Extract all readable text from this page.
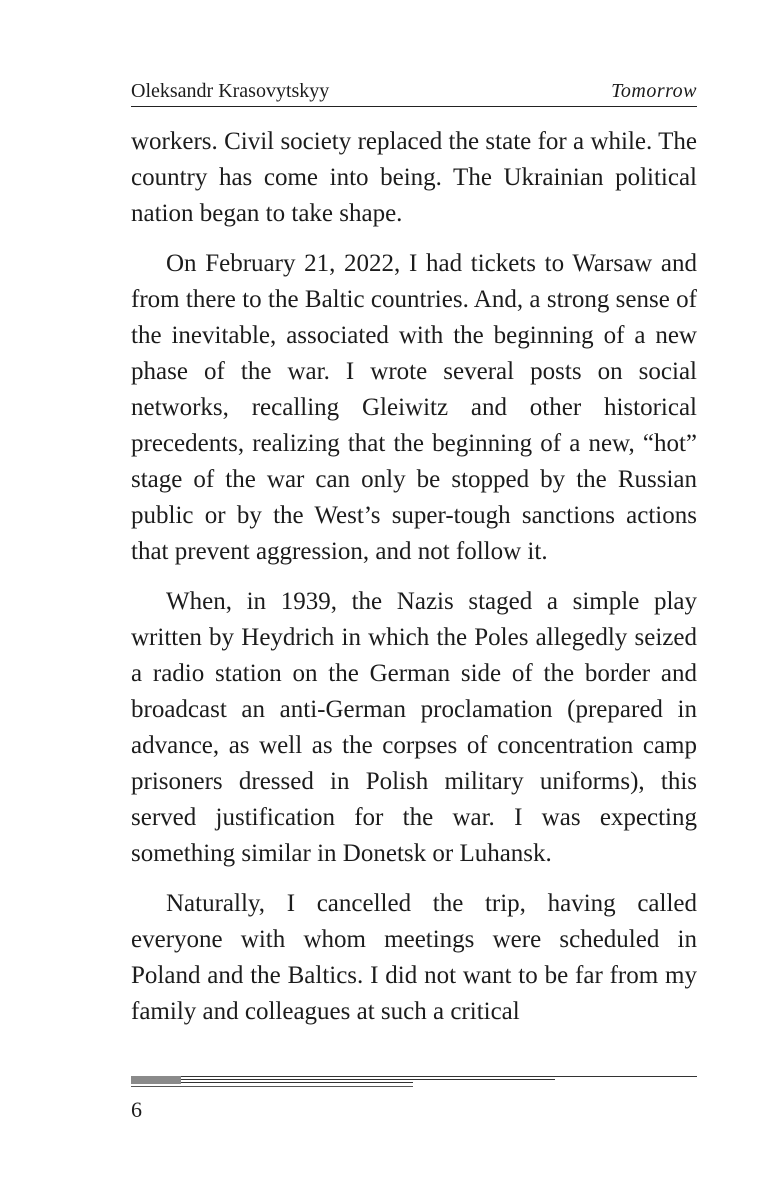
Oleksandr Krasovytskyy	Tomorrow

workers. Civil society replaced the state for a while. The country has come into being. The Ukrainian political nation began to take shape.

On February 21, 2022, I had tickets to Warsaw and from there to the Baltic countries. And, a strong sense of the inevitable, associated with the beginning of a new phase of the war. I wrote several posts on social networks, recalling Gleiwitz and other historical precedents, realizing that the beginning of a new, “hot” stage of the war can only be stopped by the Russian public or by the West’s super-tough sanctions actions that prevent aggression, and not follow it.

When, in 1939, the Nazis staged a simple play written by Heydrich in which the Poles allegedly seized a radio station on the German side of the border and broadcast an anti-German proclamation (prepared in advance, as well as the corpses of concentration camp prisoners dressed in Polish military uniforms), this served justification for the war. I was expecting something similar in Donetsk or Luhansk.

Naturally, I cancelled the trip, having called everyone with whom meetings were scheduled in Poland and the Baltics. I did not want to be far from my family and colleagues at such a critical

6
